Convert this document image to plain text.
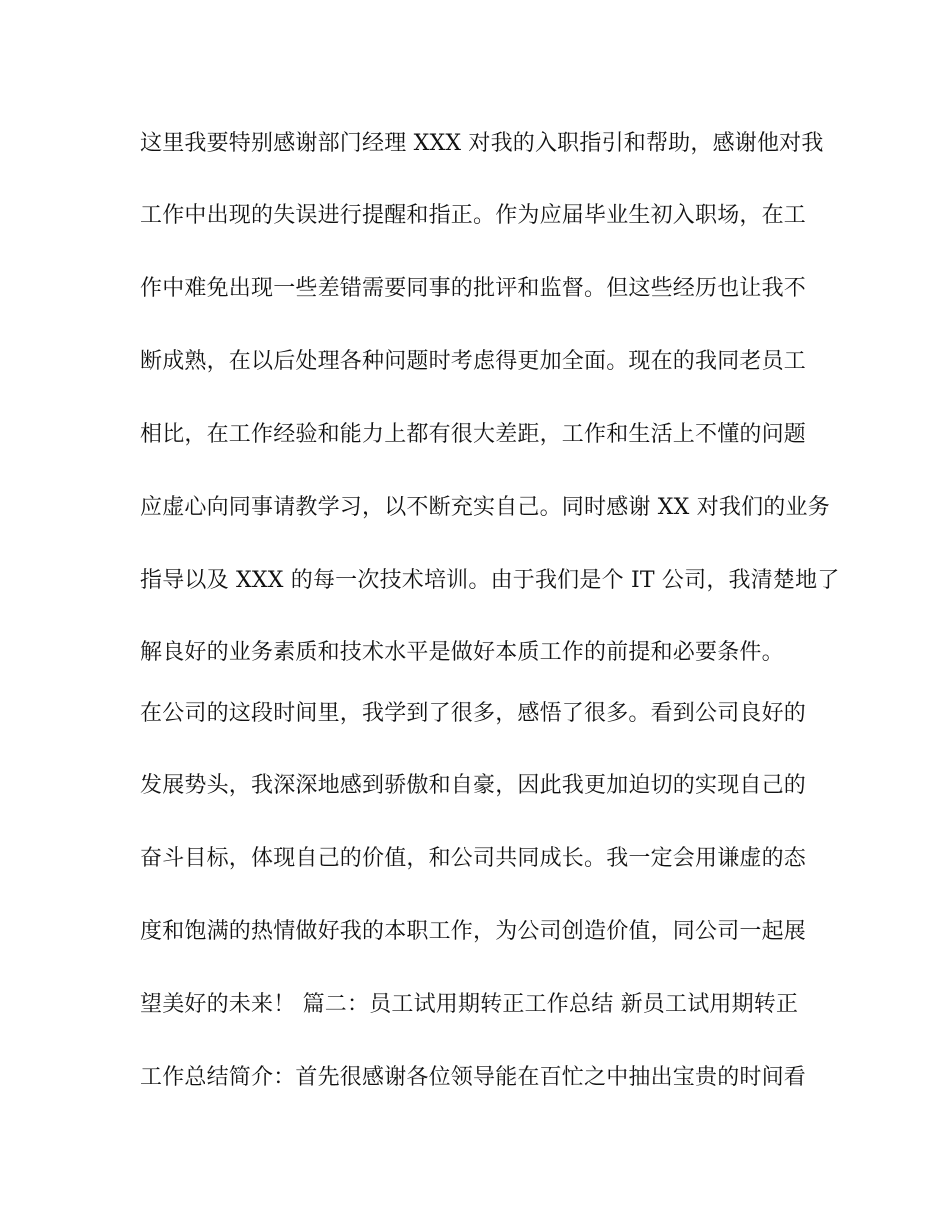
这里我要特别感谢部门经理 XXX 对我的入职指引和帮助，感谢他对我
工作中出现的失误进行提醒和指正。作为应届毕业生初入职场，在工
作中难免出现一些差错需要同事的批评和监督。但这些经历也让我不
断成熟，在以后处理各种问题时考虑得更加全面。现在的我同老员工
相比，在工作经验和能力上都有很大差距，工作和生活上不懂的问题
应虚心向同事请教学习，以不断充实自己。同时感谢 XX 对我们的业务
指导以及 XXX 的每一次技术培训。由于我们是个 IT 公司，我清楚地了
解良好的业务素质和技术水平是做好本质工作的前提和必要条件。
在公司的这段时间里，我学到了很多，感悟了很多。看到公司良好的
发展势头，我深深地感到骄傲和自豪，因此我更加迫切的实现自己的
奋斗目标，体现自己的价值，和公司共同成长。我一定会用谦虚的态
度和饱满的热情做好我的本职工作，为公司创造价值，同公司一起展
望美好的未来！ 篇二：员工试用期转正工作总结 新员工试用期转正
工作总结简介：首先很感谢各位领导能在百忙之中抽出宝贵的时间看
